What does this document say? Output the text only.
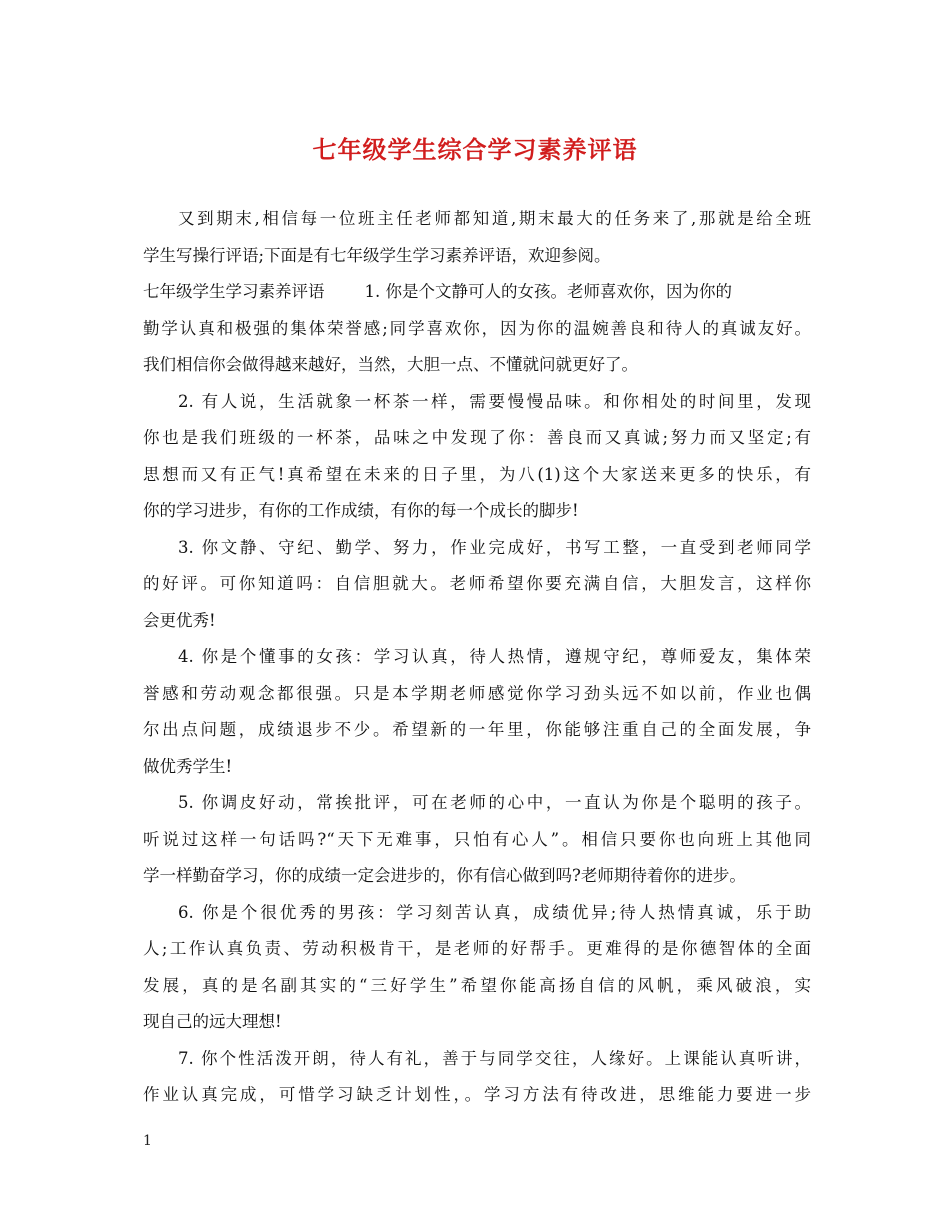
七年级学生综合学习素养评语
又到期末,相信每一位班主任老师都知道,期末最大的任务来了,那就是给全班
学生写操行评语;下面是有七年级学生学习素养评语，欢迎参阅。
七年级学生学习素养评语 1. 你是个文静可人的女孩。老师喜欢你，因为你的
勤学认真和极强的集体荣誉感;同学喜欢你，因为你的温婉善良和待人的真诚友好。
我们相信你会做得越来越好，当然，大胆一点、不懂就问就更好了。
2. 有人说，生活就象一杯茶一样，需要慢慢品味。和你相处的时间里，发现
你也是我们班级的一杯茶，品味之中发现了你：善良而又真诚;努力而又坚定;有
思想而又有正气!真希望在未来的日子里，为八(1)这个大家送来更多的快乐，有
你的学习进步，有你的工作成绩，有你的每一个成长的脚步!
3. 你文静、守纪、勤学、努力，作业完成好，书写工整，一直受到老师同学
的好评。可你知道吗：自信胆就大。老师希望你要充满自信，大胆发言，这样你
会更优秀!
4. 你是个懂事的女孩：学习认真，待人热情，遵规守纪，尊师爱友，集体荣
誉感和劳动观念都很强。只是本学期老师感觉你学习劲头远不如以前，作业也偶
尔出点问题，成绩退步不少。希望新的一年里，你能够注重自己的全面发展，争
做优秀学生!
5. 你调皮好动，常挨批评，可在老师的心中，一直认为你是个聪明的孩子。
听说过这样一句话吗?“天下无难事，只怕有心人”。相信只要你也向班上其他同
学一样勤奋学习，你的成绩一定会进步的，你有信心做到吗?老师期待着你的进步。
6. 你是个很优秀的男孩：学习刻苦认真，成绩优异;待人热情真诚，乐于助
人;工作认真负责、劳动积极肯干，是老师的好帮手。更难得的是你德智体的全面
发展，真的是名副其实的“三好学生”希望你能高扬自信的风帆，乘风破浪，实
现自己的远大理想!
7. 你个性活泼开朗，待人有礼，善于与同学交往，人缘好。上课能认真听讲，
作业认真完成，可惜学习缺乏计划性，。学习方法有待改进，思维能力要进一步
1
